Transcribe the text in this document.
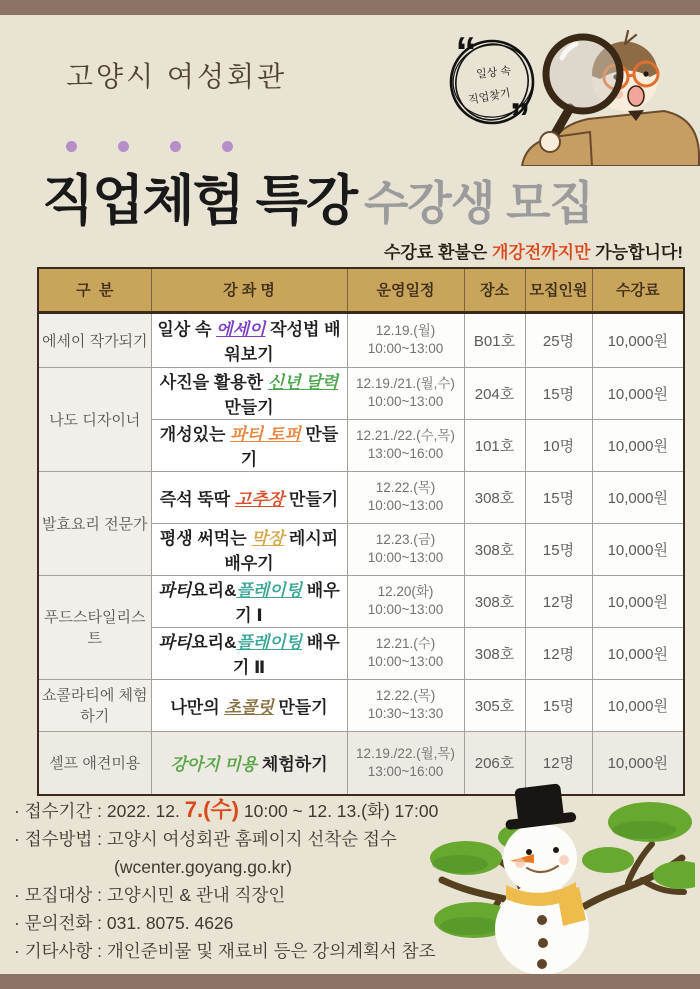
고양시 여성회관
“
”
일상 속
직업찾기
직업체험 특강 수강생 모집
수강료 환불은 개강전까지만 가능합니다!
구  분	강 좌 명	운영일정	장소	모집인원	수강료
에세이 작가되기	일상 속 에세이 작성법 배워보기	12.19.(월)
10:00~13:00	B01호	25명	10,000원
나도 디자이너	사진을 활용한 신년 달력 만들기	12.19./21.(월,수)
10:00~13:00	204호	15명	10,000원
	개성있는 파티 토퍼 만들기	12.21./22.(수,목)
13:00~16:00	101호	10명	10,000원
발효요리 전문가	즉석 뚝딱 고추장 만들기	12.22.(목)
10:00~13:00	308호	15명	10,000원
	평생 써먹는 막장 레시피 배우기	12.23.(금)
10:00~13:00	308호	15명	10,000원
푸드스타일리스트	파티요리&플레이팅 배우기 Ⅰ	12.20(화)
10:00~13:00	308호	12명	10,000원
	파티요리&플레이팅 배우기 Ⅱ	12.21.(수)
10:00~13:00	308호	12명	10,000원
쇼콜라티에 체험하기	나만의 초콜릿 만들기	12.22.(목)
10:30~13:30	305호	15명	10,000원
셀프 애견미용	강아지 미용 체험하기	12.19./22.(월,목)
13:00~16:00	206호	12명	10,000원
· 접수기간 : 2022. 12. 7.(수) 10:00 ~ 12. 13.(화) 17:00
· 접수방법 : 고양시 여성회관 홈페이지 선착순 접수
(wcenter.goyang.go.kr)
· 모집대상 : 고양시민 & 관내 직장인
· 문의전화 : 031. 8075. 4626
· 기타사항 : 개인준비물 및 재료비 등은 강의계획서 참조
